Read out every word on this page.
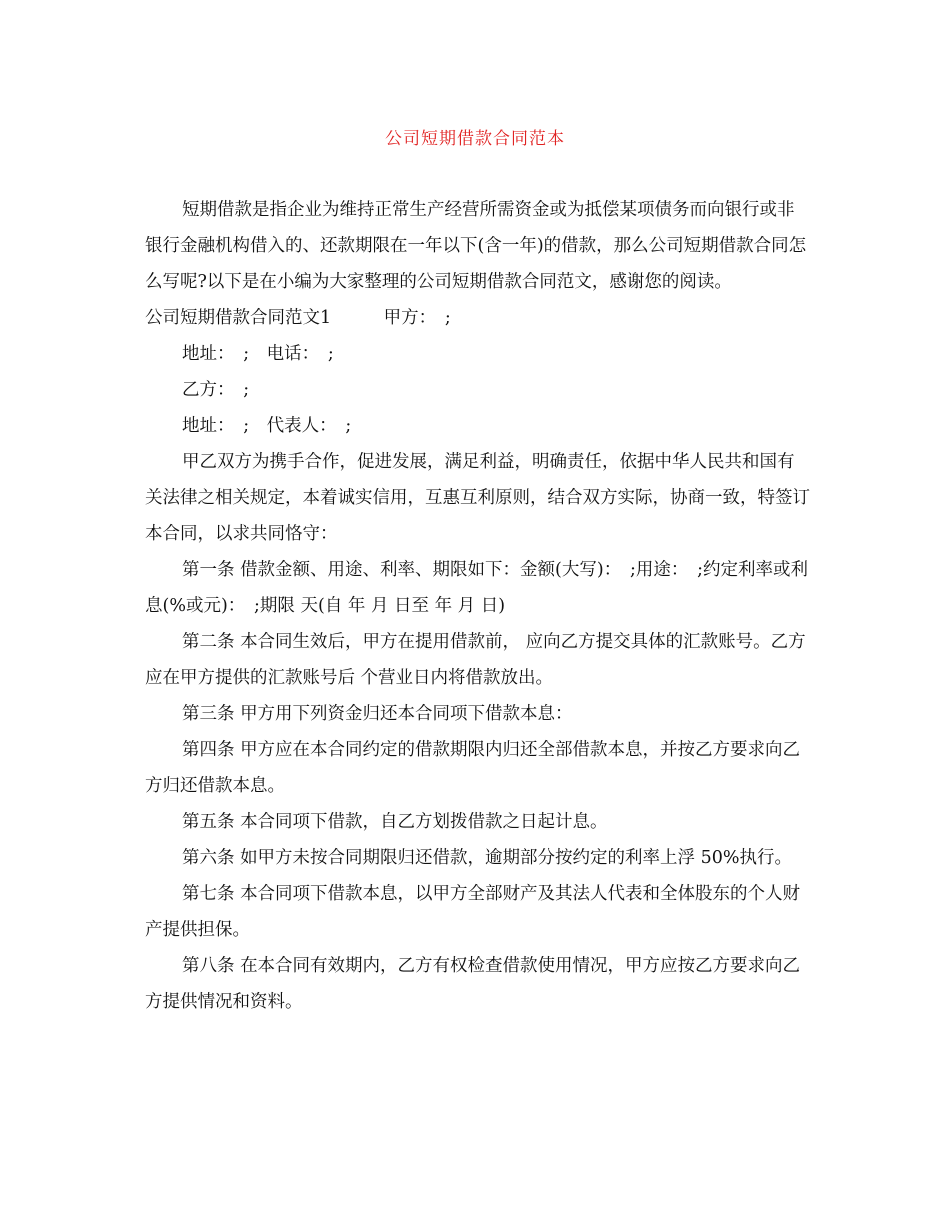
公司短期借款合同范本

短期借款是指企业为维持正常生产经营所需资金或为抵偿某项债务而向银行或非银行金融机构借入的、还款期限在一年以下(含一年)的借款，那么公司短期借款合同怎么写呢?以下是在小编为大家整理的公司短期借款合同范文，感谢您的阅读。

公司短期借款合同范文1　　　甲方：　;

地址：　;　电话：　;

乙方：　;

地址：　;　代表人：　;

甲乙双方为携手合作，促进发展，满足利益，明确责任，依据中华人民共和国有关法律之相关规定，本着诚实信用，互惠互利原则，结合双方实际，协商一致，特签订本合同，以求共同恪守：

第一条 借款金额、用途、利率、期限如下：金额(大写)：　;用途：　;约定利率或利息(%或元)：　;期限 天(自 年 月 日至 年 月 日)

第二条 本合同生效后，甲方在提用借款前， 应向乙方提交具体的汇款账号。乙方应在甲方提供的汇款账号后 个营业日内将借款放出。

第三条 甲方用下列资金归还本合同项下借款本息：

第四条 甲方应在本合同约定的借款期限内归还全部借款本息，并按乙方要求向乙方归还借款本息。

第五条 本合同项下借款，自乙方划拨借款之日起计息。

第六条 如甲方未按合同期限归还借款，逾期部分按约定的利率上浮 50%执行。

第七条 本合同项下借款本息，以甲方全部财产及其法人代表和全体股东的个人财产提供担保。

第八条 在本合同有效期内，乙方有权检查借款使用情况，甲方应按乙方要求向乙方提供情况和资料。
